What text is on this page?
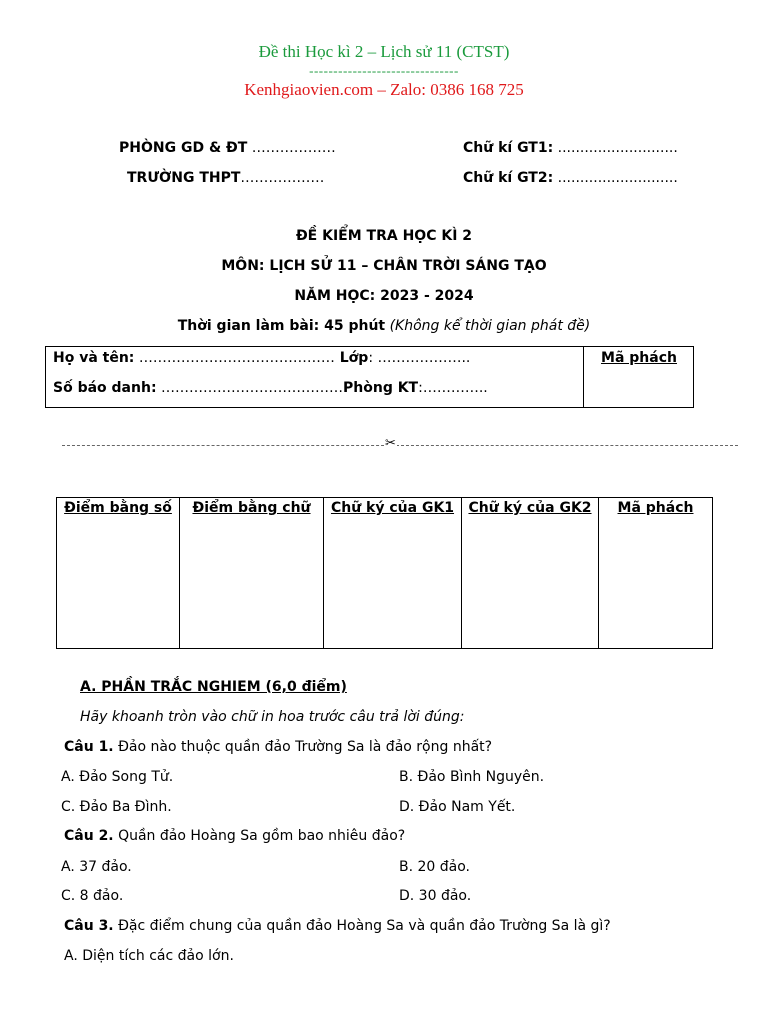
Đề thi Học kì 2 – Lịch sử 11 (CTST)
-------------------------------
Kenhgiaovien.com – Zalo: 0386 168 725
PHÒNG GD & ĐT ………………
TRƯỜNG THPT………………
Chữ kí GT1: ...........................
Chữ kí GT2: ...........................
ĐỀ KIỂM TRA HỌC KÌ 2
MÔN: LỊCH SỬ 11 – CHÂN TRỜI SÁNG TẠO
NĂM HỌC: 2023 - 2024
Thời gian làm bài: 45 phút (Không kể thời gian phát đề)
Họ và tên: …………………………………… Lớp: ………………..
Số báo danh: …………………………………Phòng KT:…………..
Mã phách
✂
Điểm bằng số	Điểm bằng chữ	Chữ ký của GK1	Chữ ký của GK2	Mã phách
A. PHẦN TRẮC NGHIEM (6,0 điểm)
Hãy khoanh tròn vào chữ in hoa trước câu trả lời đúng:
Câu 1. Đảo nào thuộc quần đảo Trường Sa là đảo rộng nhất?
A. Đảo Song Tử.	B. Đảo Bình Nguyên.
C. Đảo Ba Đình.	D. Đảo Nam Yết.
Câu 2. Quần đảo Hoàng Sa gồm bao nhiêu đảo?
A. 37 đảo.	B. 20 đảo.
C. 8 đảo.	D. 30 đảo.
Câu 3. Đặc điểm chung của quần đảo Hoàng Sa và quần đảo Trường Sa là gì?
A. Diện tích các đảo lớn.
